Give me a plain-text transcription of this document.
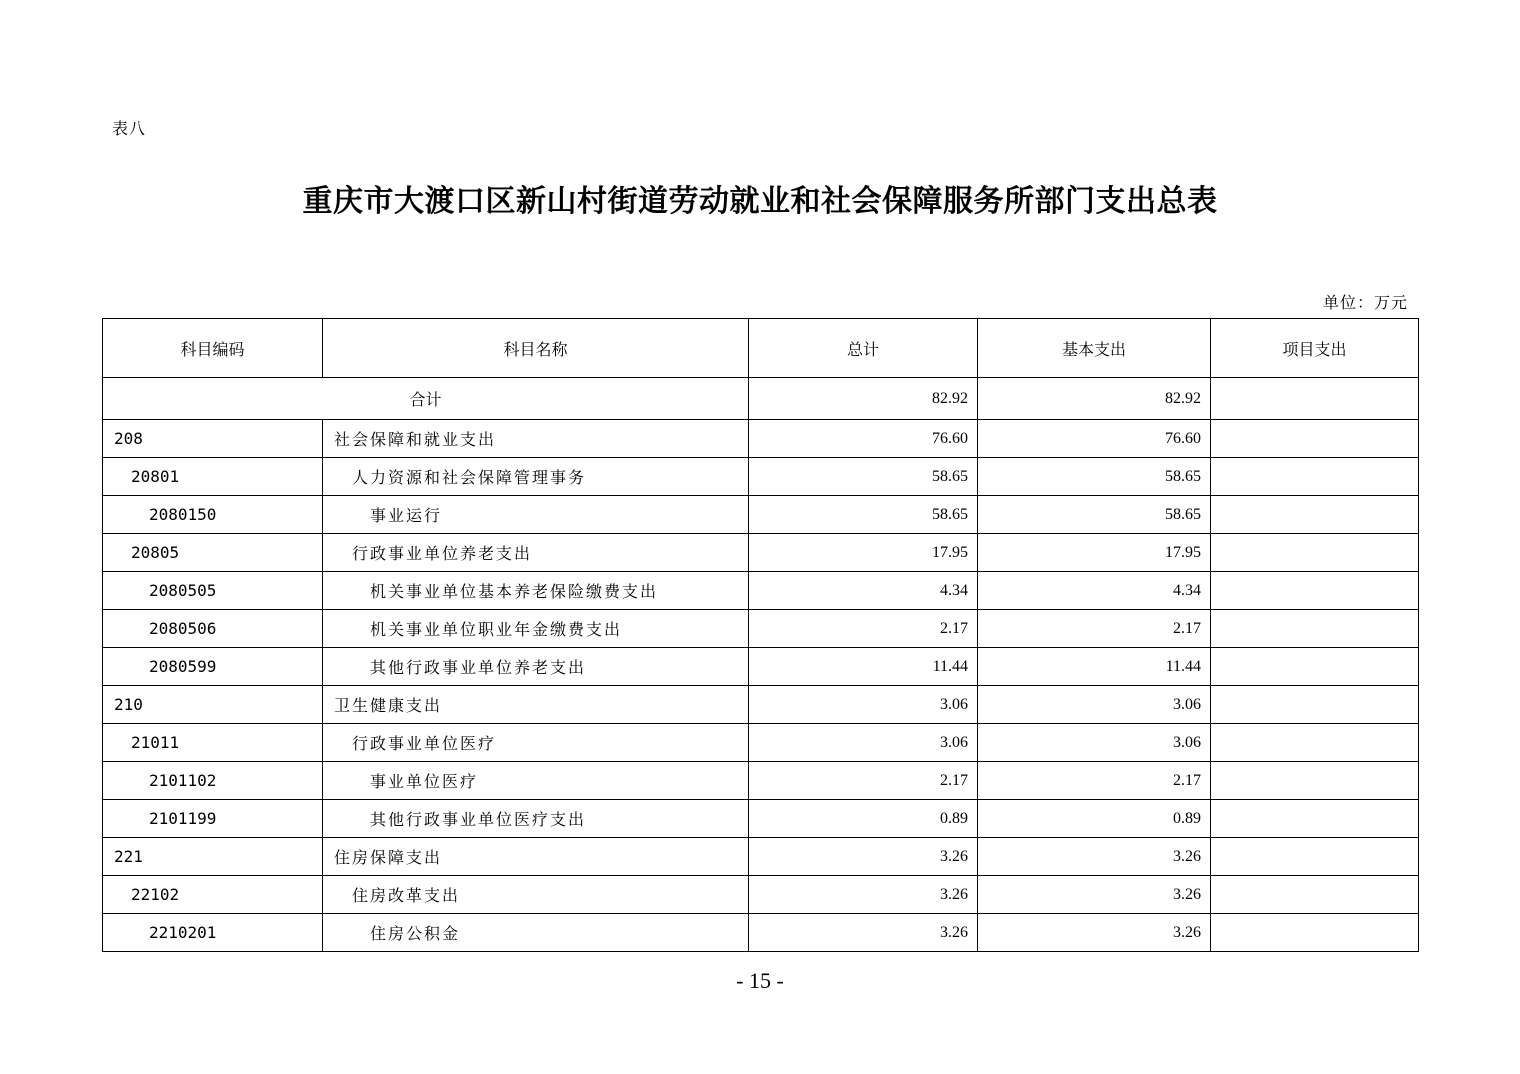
表八
重庆市大渡口区新山村街道劳动就业和社会保障服务所部门支出总表
单位：万元
科目编码	科目名称	总计	基本支出	项目支出
合计		82.92	82.92	
208	社会保障和就业支出	76.60	76.60	
20801	人力资源和社会保障管理事务	58.65	58.65	
2080150	事业运行	58.65	58.65	
20805	行政事业单位养老支出	17.95	17.95	
2080505	机关事业单位基本养老保险缴费支出	4.34	4.34	
2080506	机关事业单位职业年金缴费支出	2.17	2.17	
2080599	其他行政事业单位养老支出	11.44	11.44	
210	卫生健康支出	3.06	3.06	
21011	行政事业单位医疗	3.06	3.06	
2101102	事业单位医疗	2.17	2.17	
2101199	其他行政事业单位医疗支出	0.89	0.89	
221	住房保障支出	3.26	3.26	
22102	住房改革支出	3.26	3.26	
2210201	住房公积金	3.26	3.26	
- 15 -
